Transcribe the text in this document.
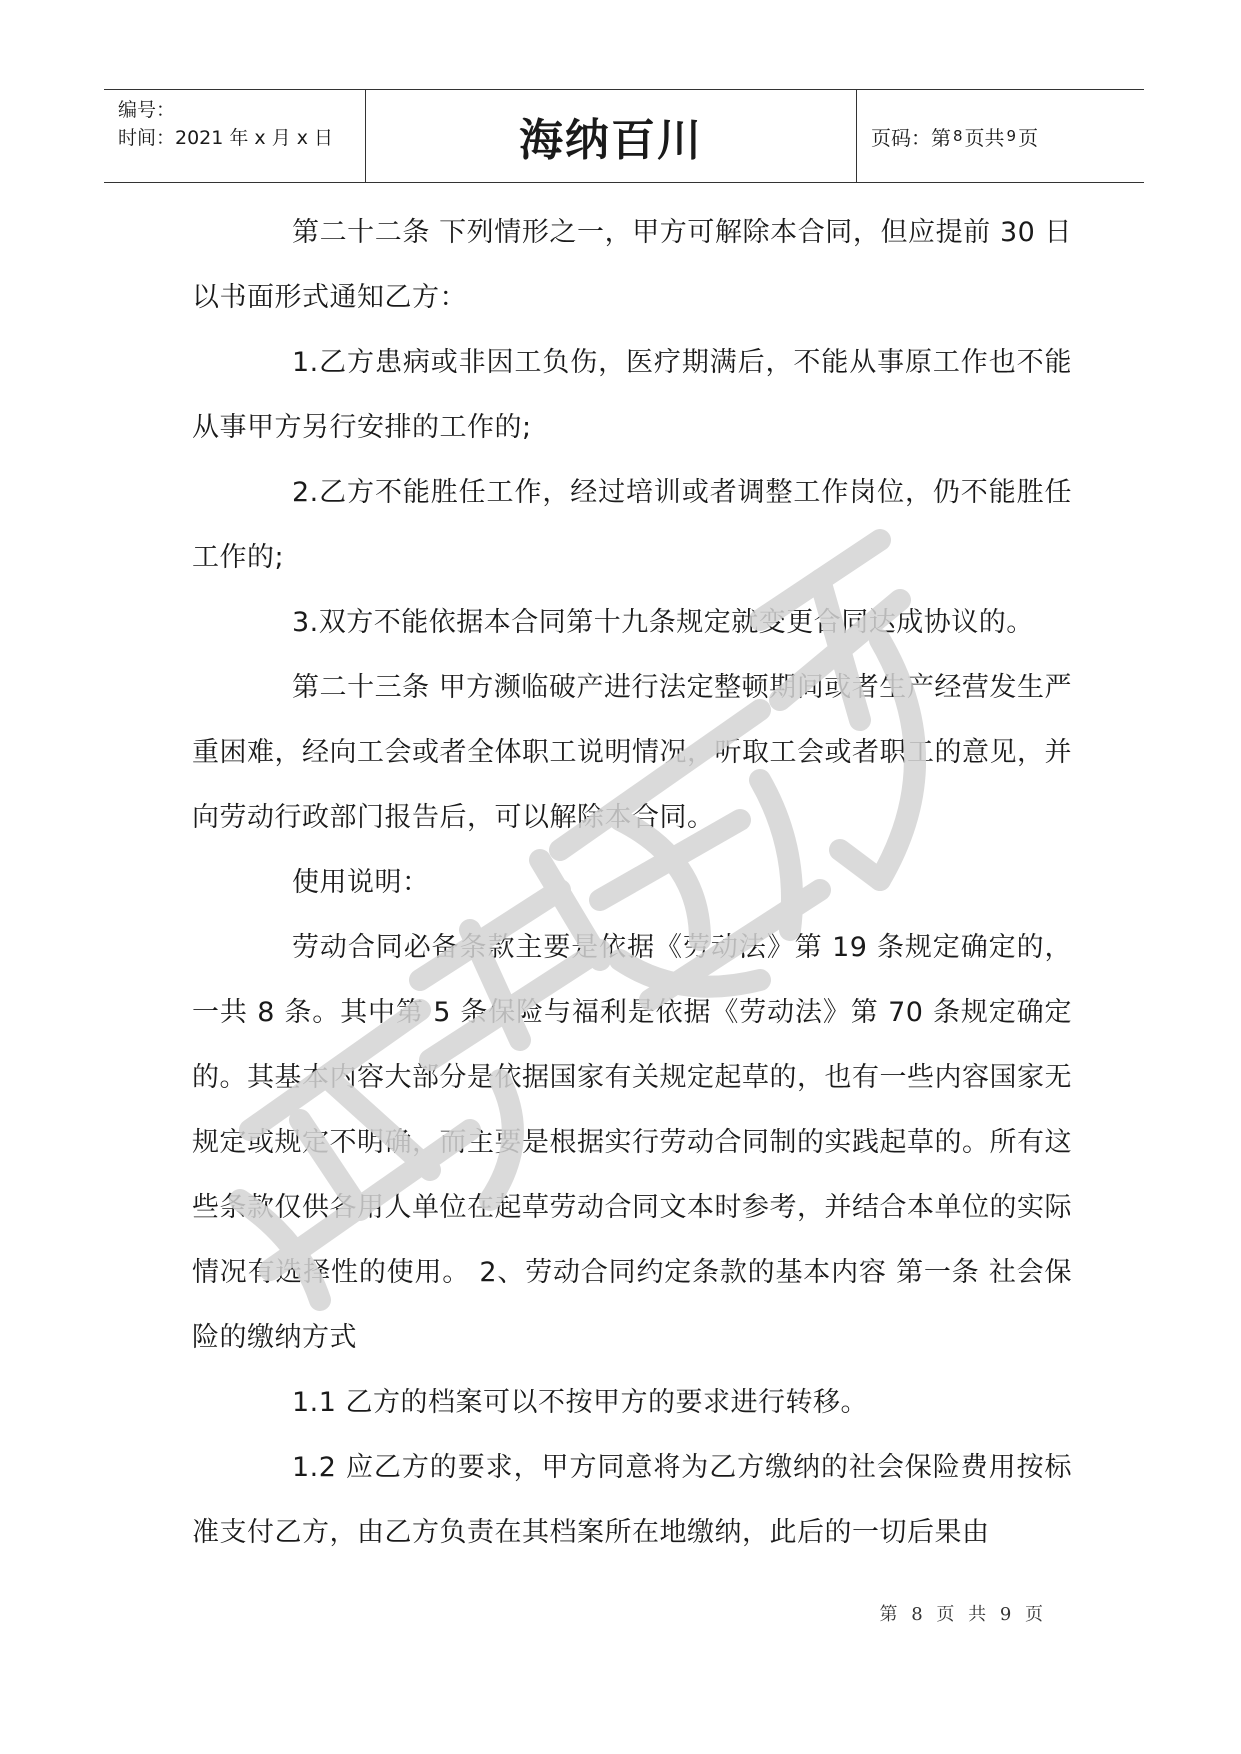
编号：
时间：2021 年 x 月 x 日	海纳百川	页码：第 8 页共 9 页

第二十二条 下列情形之一，甲方可解除本合同，但应提前 30 日以书面形式通知乙方：

1.乙方患病或非因工负伤，医疗期满后，不能从事原工作也不能从事甲方另行安排的工作的;

2.乙方不能胜任工作，经过培训或者调整工作岗位，仍不能胜任工作的;

3.双方不能依据本合同第十九条规定就变更合同达成协议的。

第二十三条 甲方濒临破产进行法定整顿期间或者生产经营发生严重困难，经向工会或者全体职工说明情况，听取工会或者职工的意见，并向劳动行政部门报告后，可以解除本合同。

使用说明：

劳动合同必备条款主要是依据《劳动法》第 19 条规定确定的，一共 8 条。其中第 5 条保险与福利是依据《劳动法》第 70 条规定确定的。其基本内容大部分是依据国家有关规定起草的，也有一些内容国家无规定或规定不明确，而主要是根据实行劳动合同制的实践起草的。所有这些条款仅供各用人单位在起草劳动合同文本时参考，并结合本单位的实际情况有选择性的使用。 2、劳动合同约定条款的基本内容 第一条 社会保险的缴纳方式

1.1 乙方的档案可以不按甲方的要求进行转移。

1.2 应乙方的要求，甲方同意将为乙方缴纳的社会保险费用按标准支付乙方，由乙方负责在其档案所在地缴纳，此后的一切后果由

第 8 页 共 9 页
